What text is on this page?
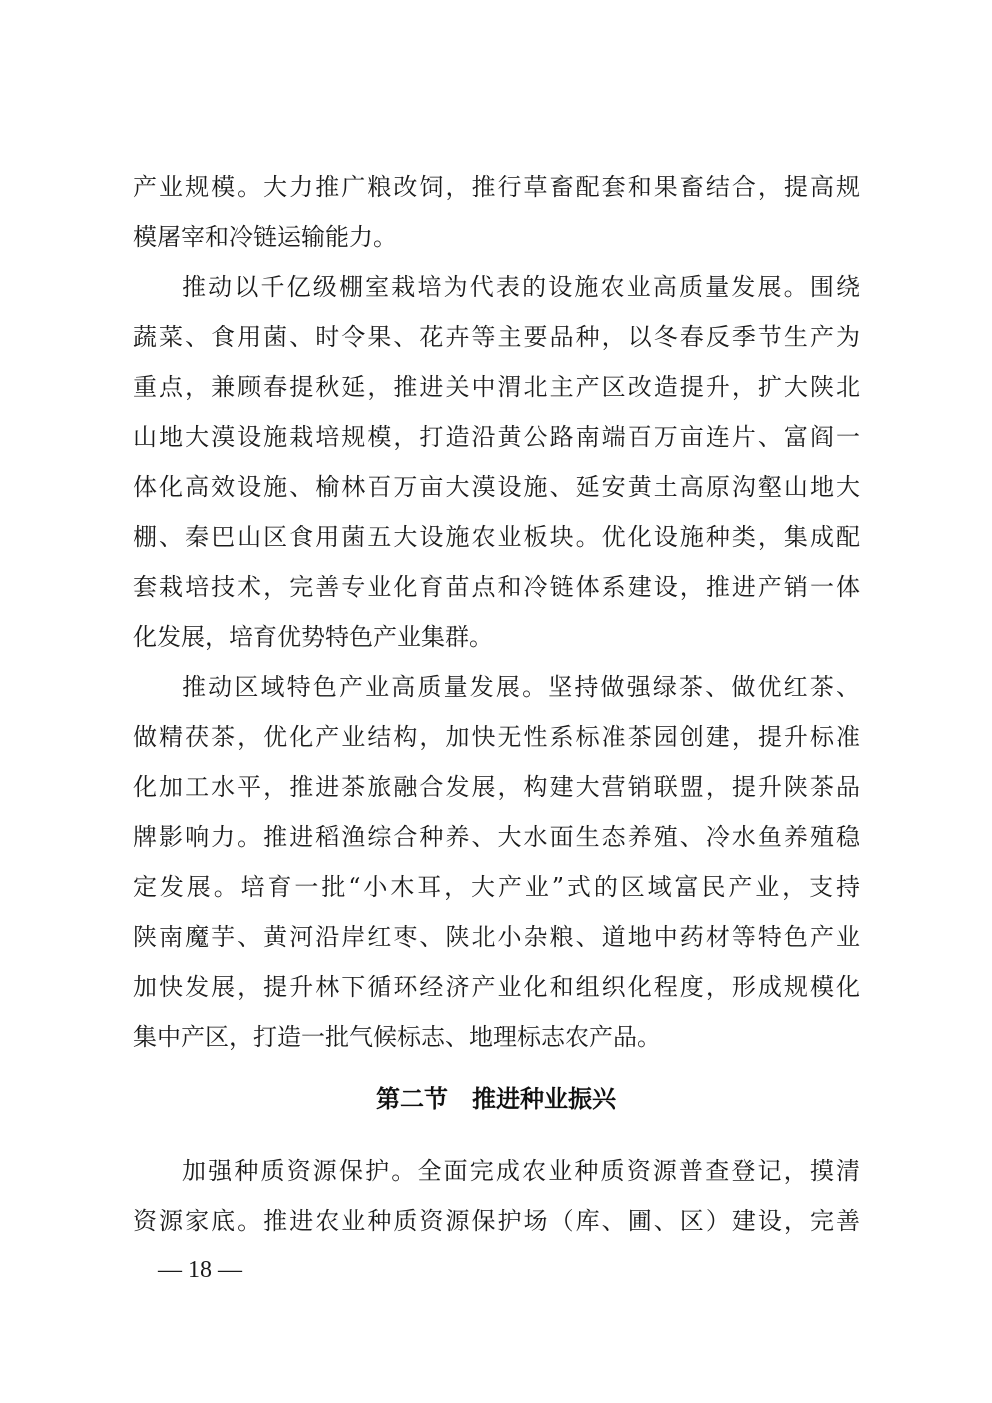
产业规模。大力推广粮改饲，推行草畜配套和果畜结合，提高规
模屠宰和冷链运输能力。
推动以千亿级棚室栽培为代表的设施农业高质量发展。围绕
蔬菜、食用菌、时令果、花卉等主要品种，以冬春反季节生产为
重点，兼顾春提秋延，推进关中渭北主产区改造提升，扩大陕北
山地大漠设施栽培规模，打造沿黄公路南端百万亩连片、富阎一
体化高效设施、榆林百万亩大漠设施、延安黄土高原沟壑山地大
棚、秦巴山区食用菌五大设施农业板块。优化设施种类，集成配
套栽培技术，完善专业化育苗点和冷链体系建设，推进产销一体
化发展，培育优势特色产业集群。
推动区域特色产业高质量发展。坚持做强绿茶、做优红茶、
做精茯茶，优化产业结构，加快无性系标准茶园创建，提升标准
化加工水平，推进茶旅融合发展，构建大营销联盟，提升陕茶品
牌影响力。推进稻渔综合种养、大水面生态养殖、冷水鱼养殖稳
定发展。培育一批“小木耳，大产业”式的区域富民产业，支持
陕南魔芋、黄河沿岸红枣、陕北小杂粮、道地中药材等特色产业
加快发展，提升林下循环经济产业化和组织化程度，形成规模化
集中产区，打造一批气候标志、地理标志农产品。
第二节　推进种业振兴
加强种质资源保护。全面完成农业种质资源普查登记，摸清
资源家底。推进农业种质资源保护场（库、圃、区）建设，完善
— 18 —
